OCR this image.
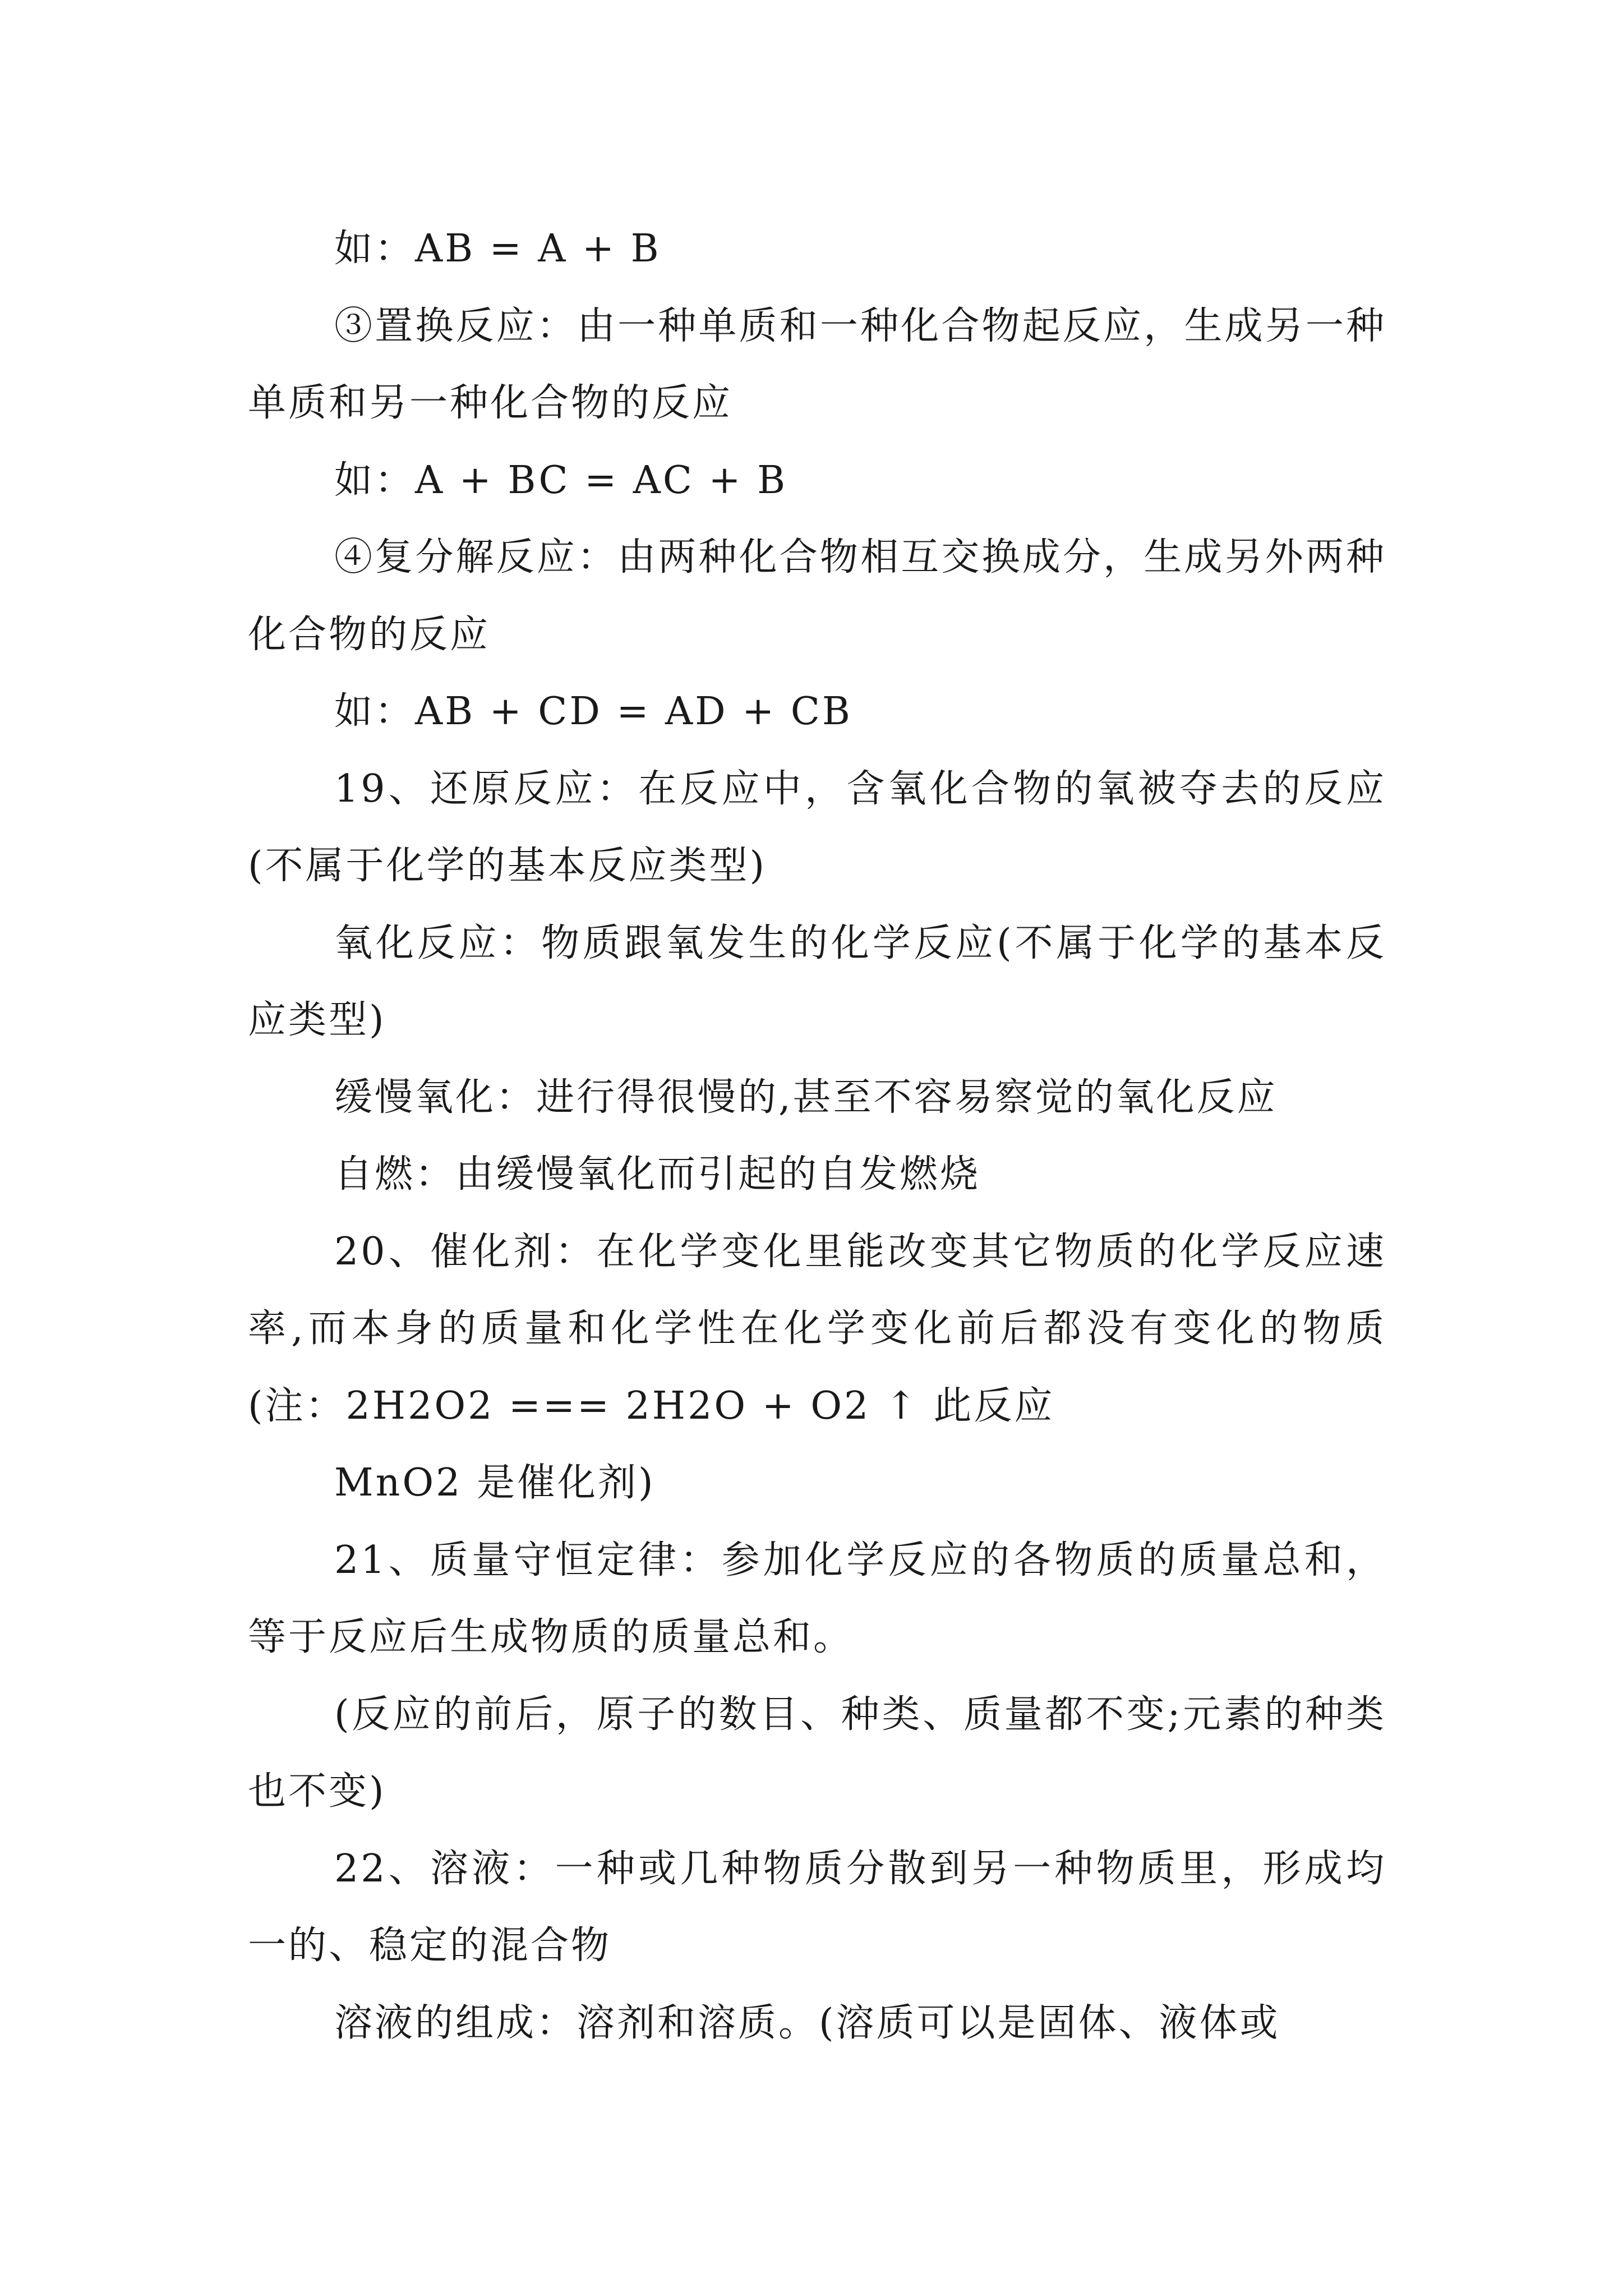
如：AB = A + B

③置换反应：由一种单质和一种化合物起反应，生成另一种单质和另一种化合物的反应

如：A + BC = AC + B

④复分解反应：由两种化合物相互交换成分，生成另外两种化合物的反应

如：AB + CD = AD + CB

19、还原反应：在反应中，含氧化合物的氧被夺去的反应(不属于化学的基本反应类型)

氧化反应：物质跟氧发生的化学反应(不属于化学的基本反应类型)

缓慢氧化：进行得很慢的,甚至不容易察觉的氧化反应

自燃：由缓慢氧化而引起的自发燃烧

20、催化剂：在化学变化里能改变其它物质的化学反应速率,而本身的质量和化学性在化学变化前后都没有变化的物质(注：2H2O2 === 2H2O + O2 ↑ 此反应

MnO2 是催化剂)

21、质量守恒定律：参加化学反应的各物质的质量总和，等于反应后生成物质的质量总和。

(反应的前后，原子的数目、种类、质量都不变;元素的种类也不变)

22、溶液：一种或几种物质分散到另一种物质里，形成均一的、稳定的混合物

溶液的组成：溶剂和溶质。(溶质可以是固体、液体或
